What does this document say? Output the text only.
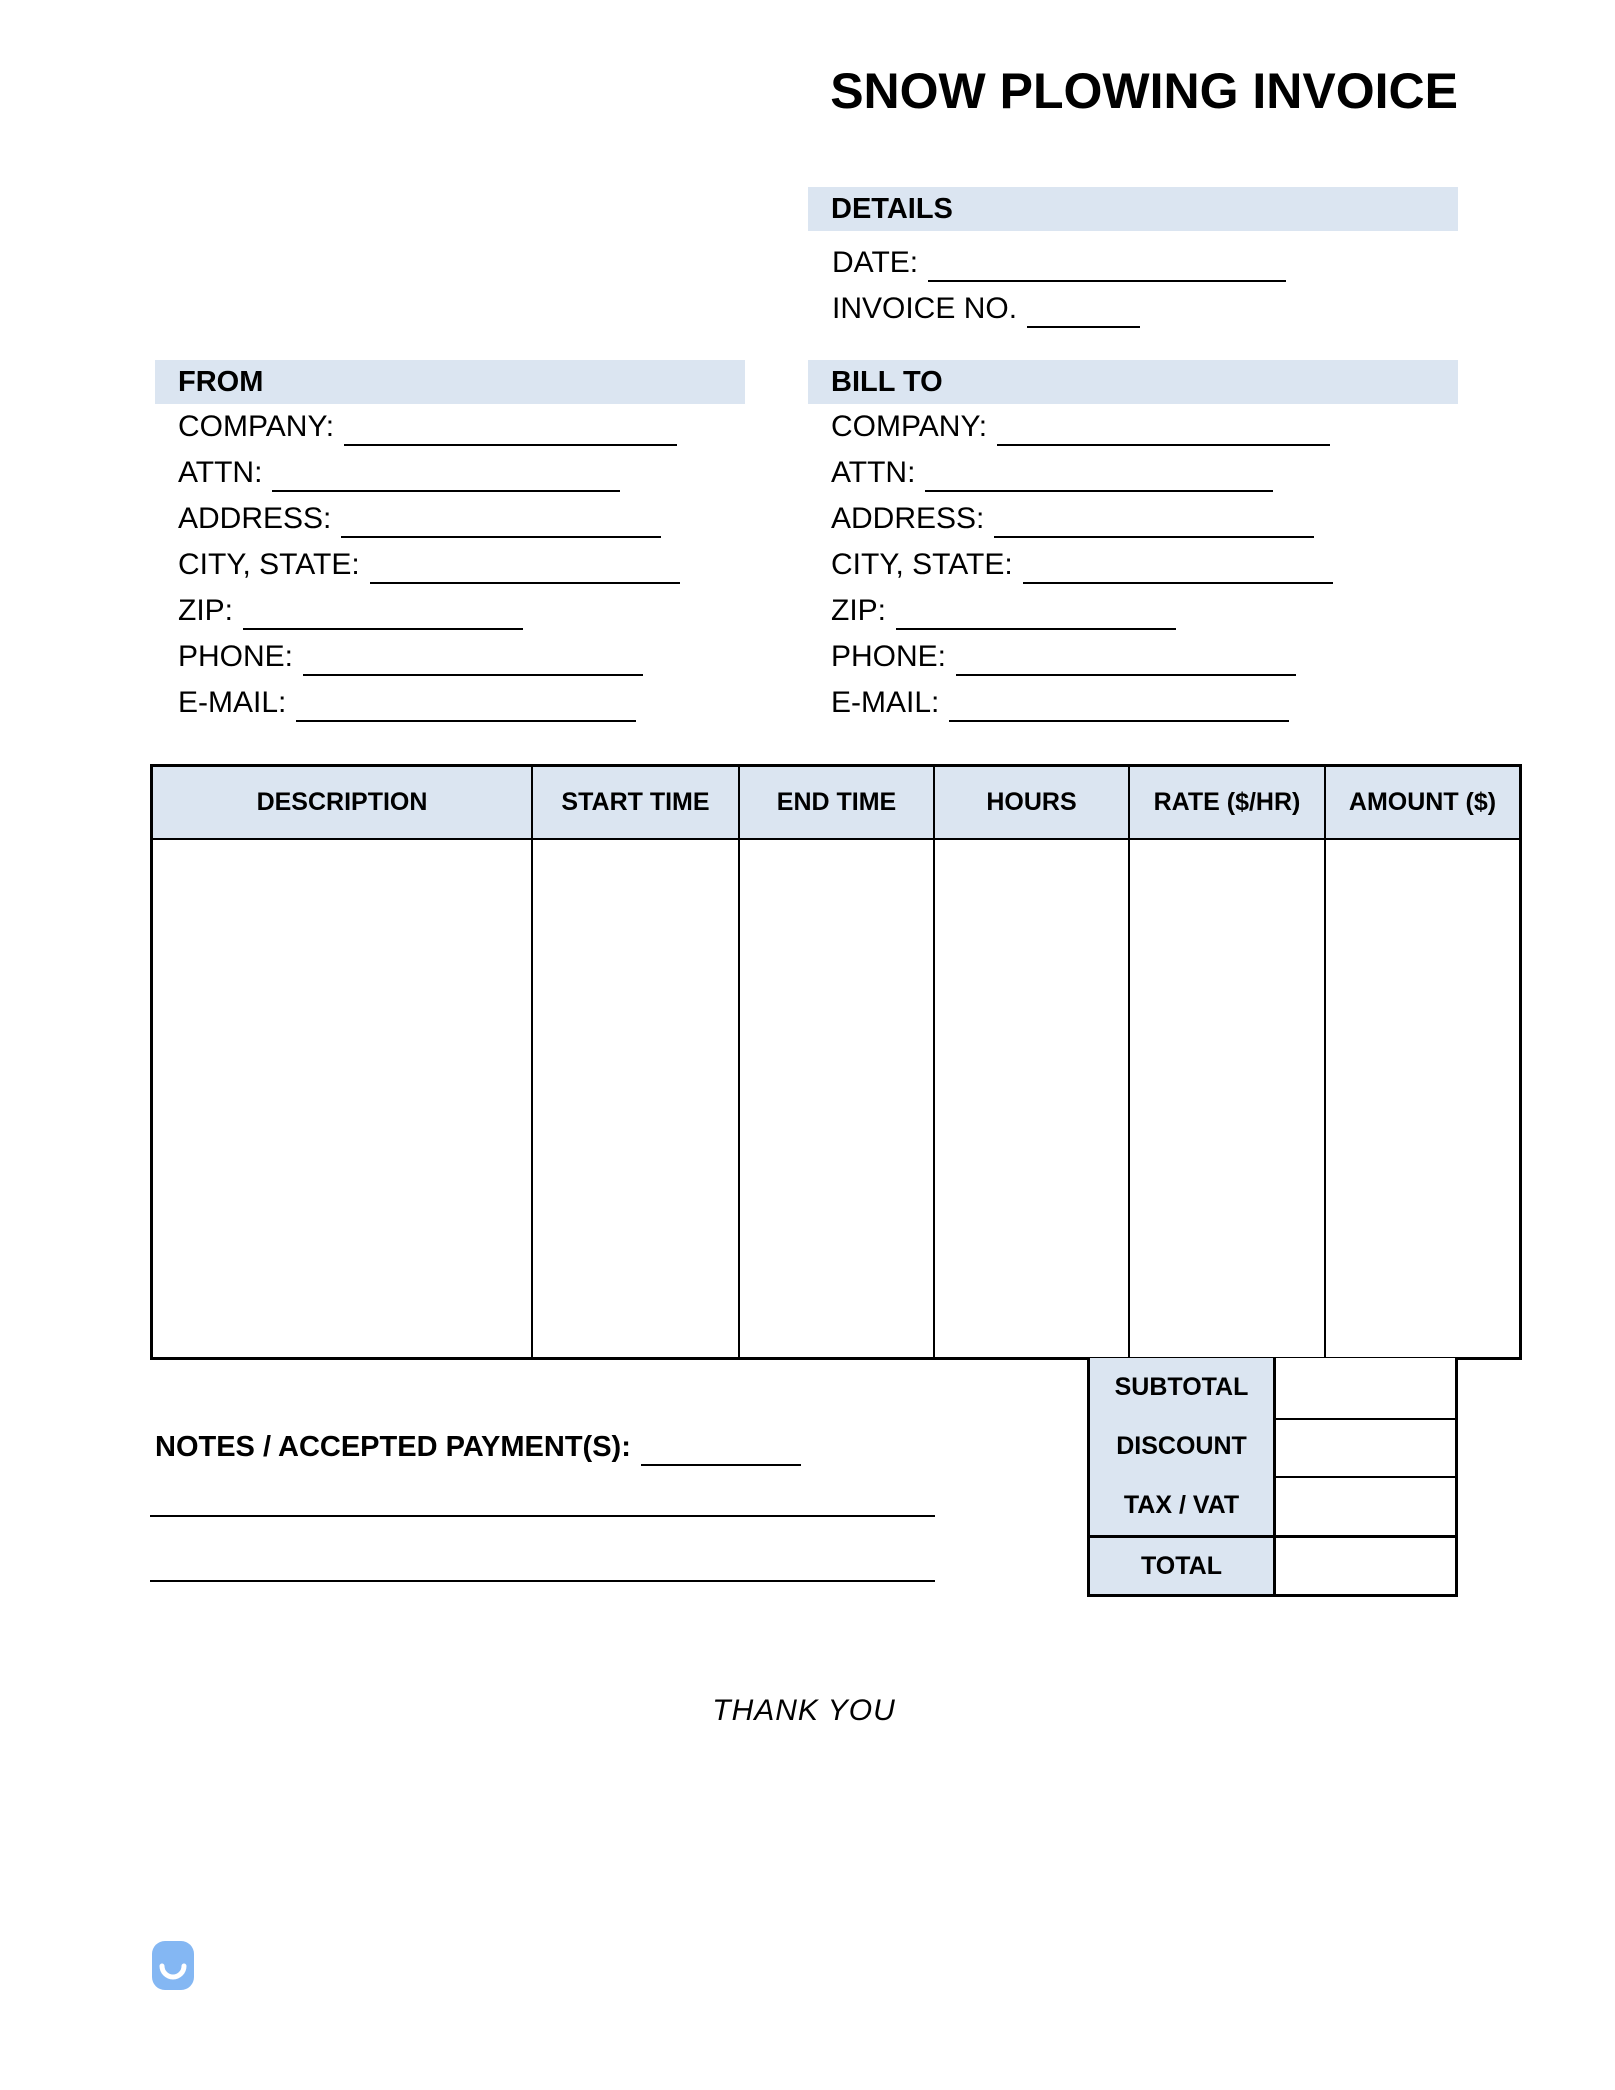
SNOW PLOWING INVOICE
DETAILS
DATE:
INVOICE NO.
FROM	BILL TO
COMPANY:
ATTN:
ADDRESS:
CITY, STATE:
ZIP:
PHONE:
E-MAIL:
COMPANY:
ATTN:
ADDRESS:
CITY, STATE:
ZIP:
PHONE:
E-MAIL:
DESCRIPTION	START TIME	END TIME	HOURS	RATE ($/HR)	AMOUNT ($)

SUBTOTAL
DISCOUNT
TAX / VAT
TOTAL
NOTES / ACCEPTED PAYMENT(S):
THANK YOU
